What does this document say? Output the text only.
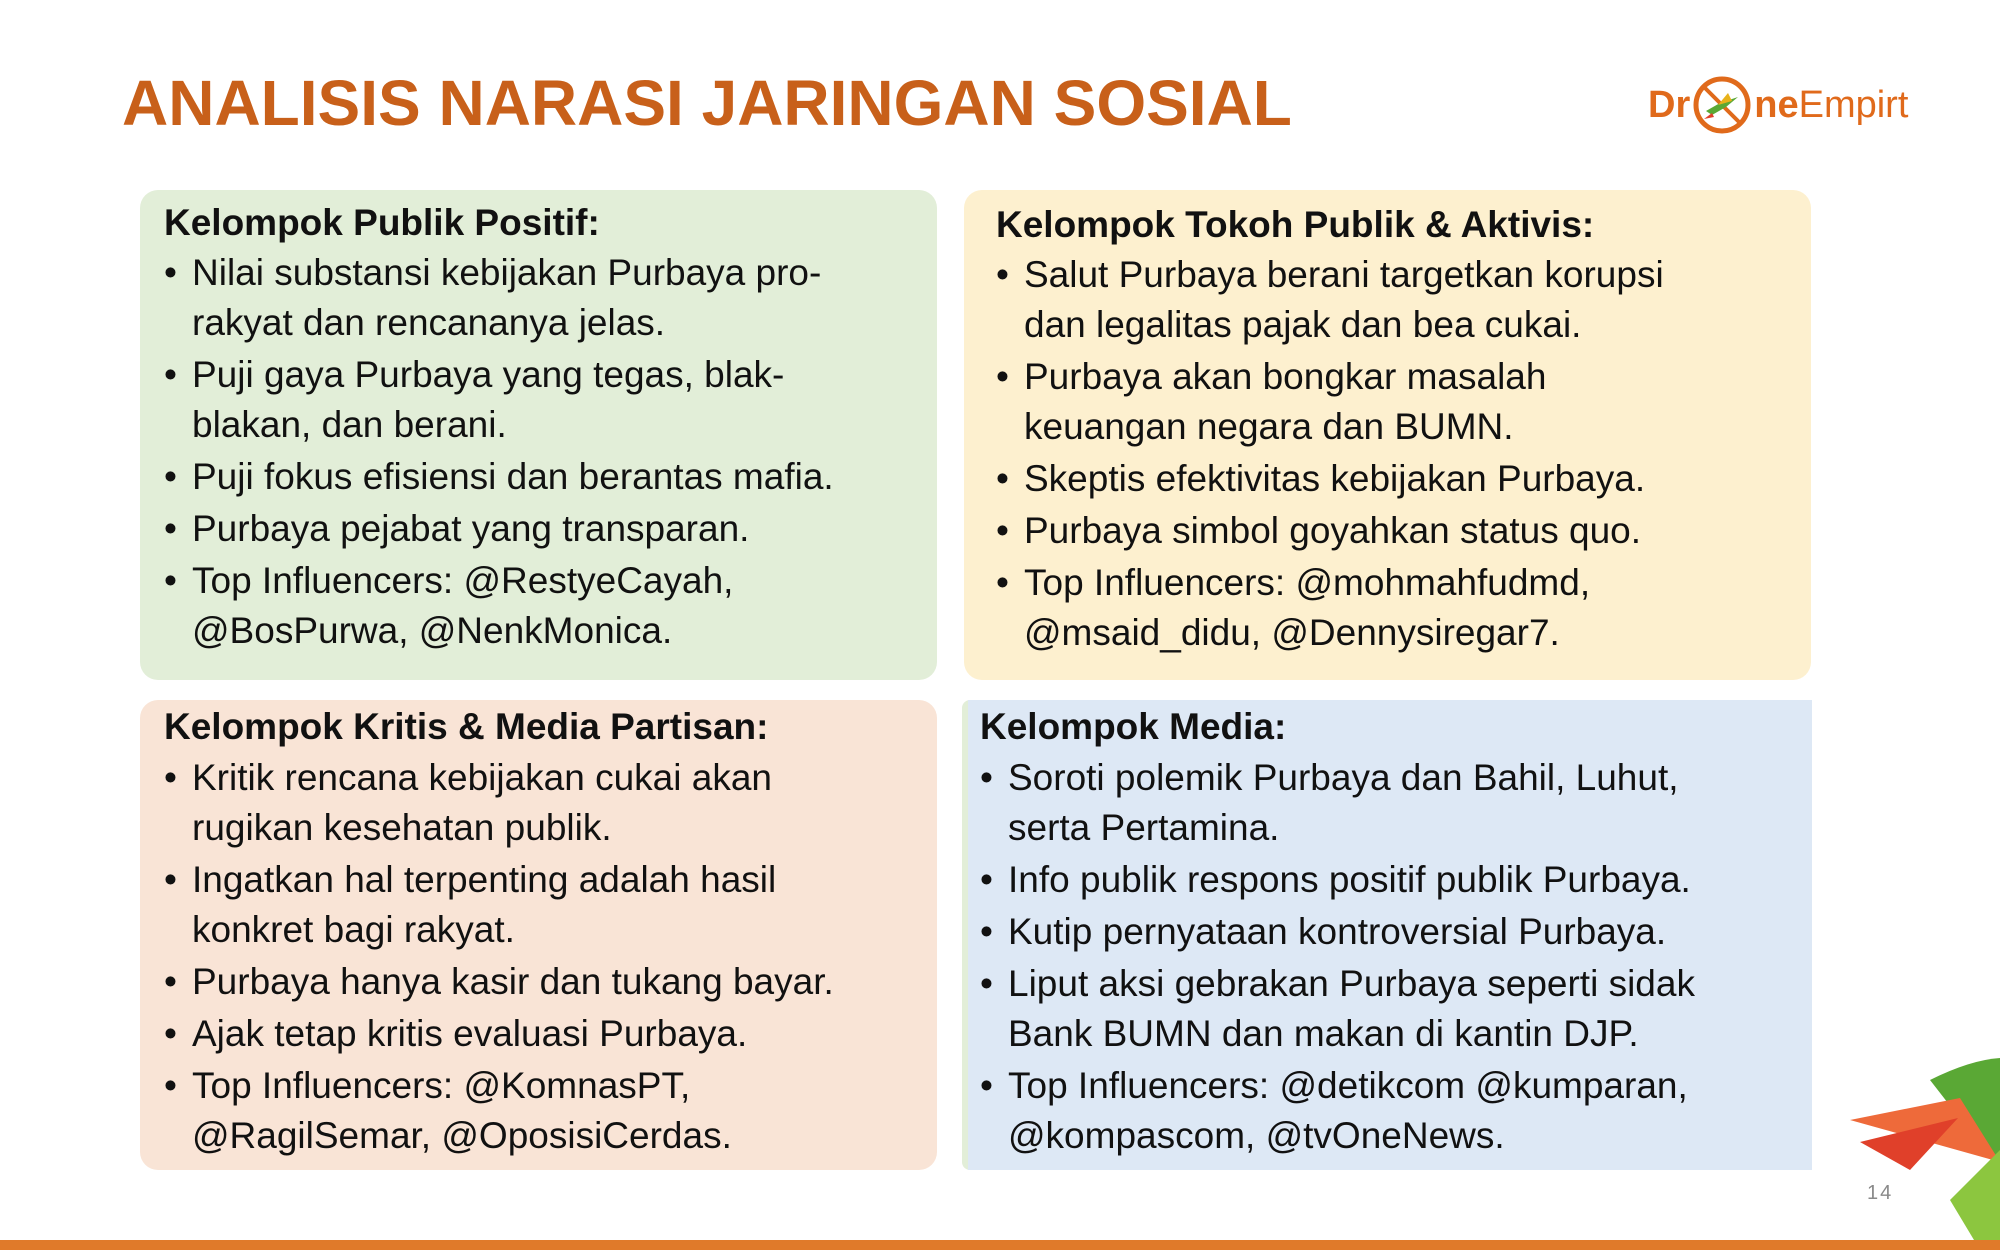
ANALISIS NARASI JARINGAN SOSIAL	Dr ne Empirt
Kelompok Publik Positif:
• Nilai substansi kebijakan Purbaya pro-
rakyat dan rencananya jelas.
• Puji gaya Purbaya yang tegas, blak-
blakan, dan berani.
• Puji fokus efisiensi dan berantas mafia.
• Purbaya pejabat yang transparan.
• Top Influencers: @RestyeCayah,
@BosPurwa, @NenkMonica.
Kelompok Tokoh Publik & Aktivis:
• Salut Purbaya berani targetkan korupsi
dan legalitas pajak dan bea cukai.
• Purbaya akan bongkar masalah
keuangan negara dan BUMN.
• Skeptis efektivitas kebijakan Purbaya.
• Purbaya simbol goyahkan status quo.
• Top Influencers: @mohmahfudmd,
@msaid_didu, @Dennysiregar7.
Kelompok Kritis & Media Partisan:
• Kritik rencana kebijakan cukai akan
rugikan kesehatan publik.
• Ingatkan hal terpenting adalah hasil
konkret bagi rakyat.
• Purbaya hanya kasir dan tukang bayar.
• Ajak tetap kritis evaluasi Purbaya.
• Top Influencers: @KomnasPT,
@RagilSemar, @OposisiCerdas.
Kelompok Media:
• Soroti polemik Purbaya dan Bahil, Luhut,
serta Pertamina.
• Info publik respons positif publik Purbaya.
• Kutip pernyataan kontroversial Purbaya.
• Liput aksi gebrakan Purbaya seperti sidak
Bank BUMN dan makan di kantin DJP.
• Top Influencers: @detikcom @kumparan,
@kompascom, @tvOneNews.
14
